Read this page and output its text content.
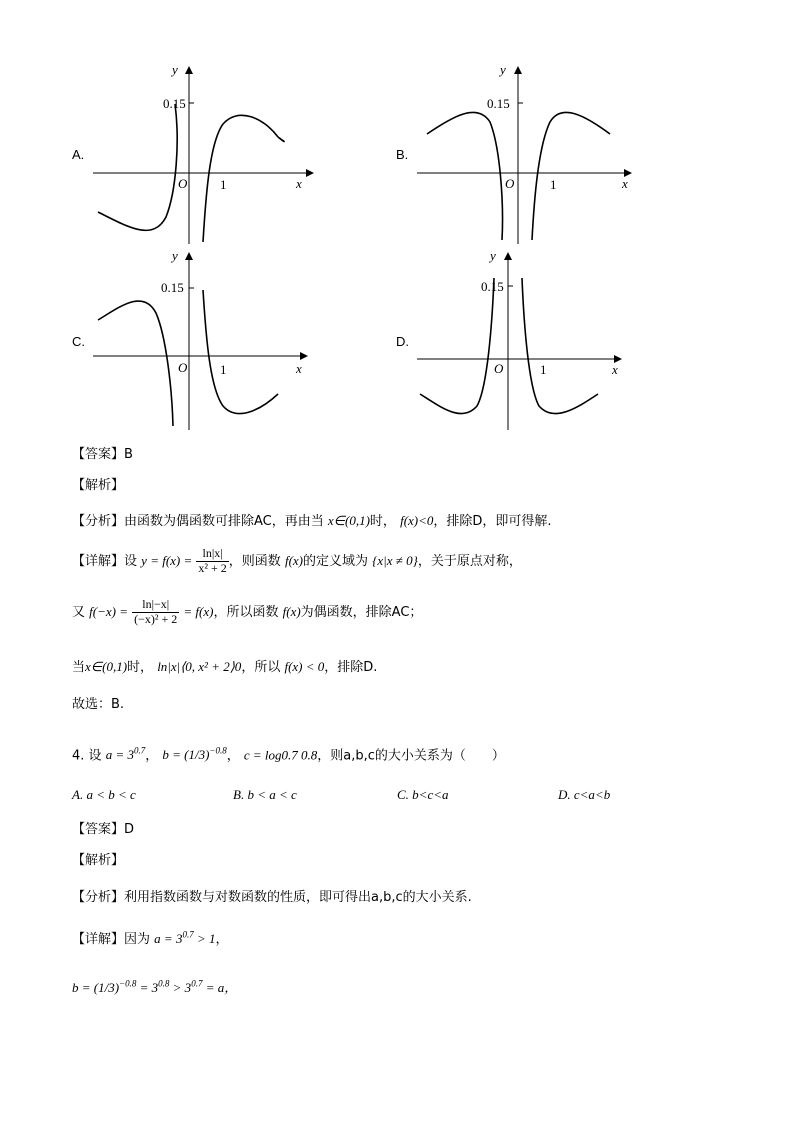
A.
y
0.15
O	1	x
B.
y
0.15
O	1	x
C.
y
0.15
O	1	x
D.
y
0.15
O	1	x
【答案】B
【解析】
【分析】由函数为偶函数可排除AC，再由当 x∈(0,1)时， f(x)<0，排除D，即可得解.
【详解】设 $y = f(x) = \frac{\ln|x|}{\text{x² + 2}}$ ，则函数 f(x)的定义域为 {x|x ≠ 0}，关于原点对称，
又 $f(-x) = \frac{\ln|-x|}{\text{(−x)² + 2}} = f(x)$，所以函数 f(x)为偶函数，排除AC；
当x∈(0,1)时， ln|x|⟨0, x² + 2⟩0，所以 f(x) < 0，排除D.
故选：B.
4. 设 $a = 3^{0.7}$， $b = (1/3)^{-0.8}$， c = log0.7 0.8，则a,b,c的大小关系为（　　）
A. a < b < c	B. b < a < c	C. b<c<a	D. c<a<b
【答案】D
【解析】
【分析】利用指数函数与对数函数的性质，即可得出a,b,c的大小关系.
【详解】因为 $a = 3^{0.7} > 1$，
$b = (1/3)^{-0.8} = 3^{0.8} > 3^{0.7} = a$，
